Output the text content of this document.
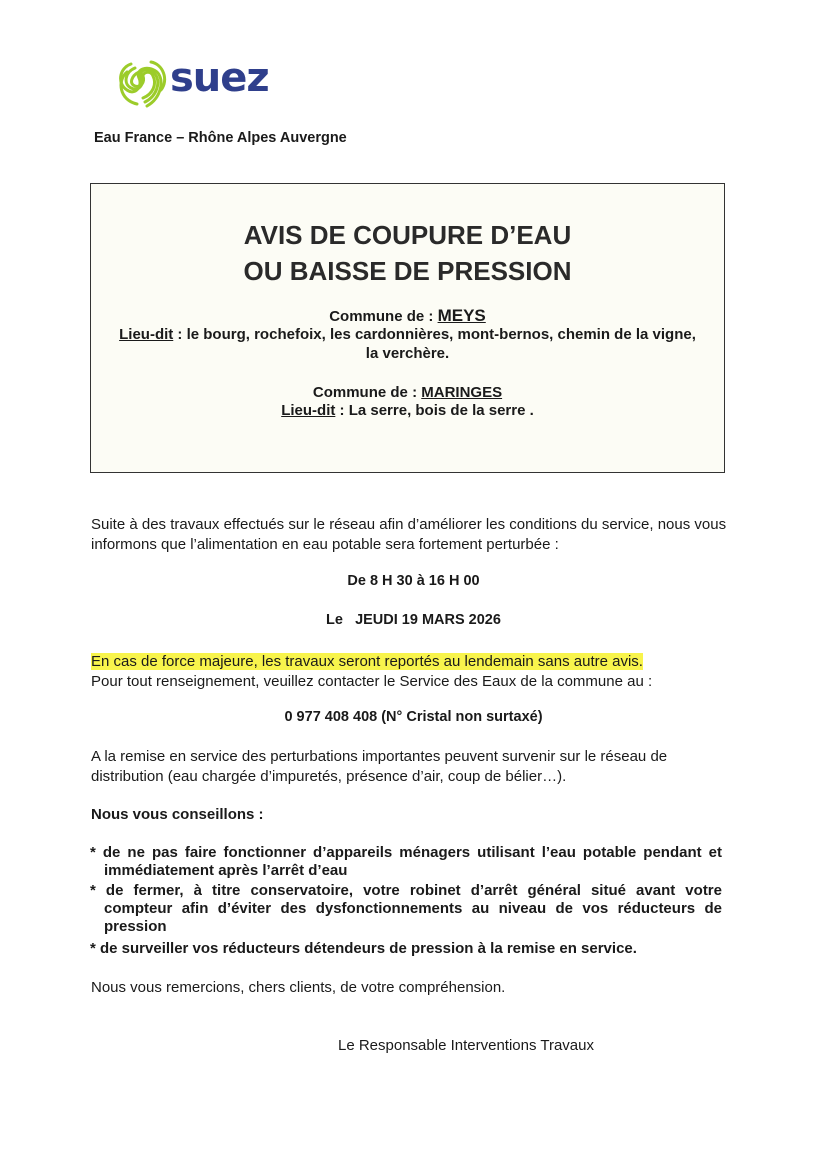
suez
Eau France – Rhône Alpes Auvergne
AVIS DE COUPURE D’EAU
OU BAISSE DE PRESSION
Commune de : MEYS
Lieu-dit : le bourg, rochefoix, les cardonnières, mont-bernos, chemin de la vigne, la verchère.
Commune de : MARINGES
Lieu-dit : La serre, bois de la serre .
Suite à des travaux effectués sur le réseau afin d’améliorer les conditions du service, nous vous informons que l’alimentation en eau potable sera fortement perturbée :
De 8 H 30 à 16 H 00
Le JEUDI 19 MARS 2026
En cas de force majeure, les travaux seront reportés au lendemain sans autre avis.
Pour tout renseignement, veuillez contacter le Service des Eaux de la commune au :
0 977 408 408 (N° Cristal non surtaxé)
A la remise en service des perturbations importantes peuvent survenir sur le réseau de distribution (eau chargée d’impuretés, présence d’air, coup de bélier…).
Nous vous conseillons :
* de ne pas faire fonctionner d’appareils ménagers utilisant l’eau potable pendant et immédiatement après l’arrêt d’eau
* de fermer, à titre conservatoire, votre robinet d’arrêt général situé avant votre compteur afin d’éviter des dysfonctionnements au niveau de vos réducteurs de pression
* de surveiller vos réducteurs détendeurs de pression à la remise en service.
Nous vous remercions, chers clients, de votre compréhension.
Le Responsable Interventions Travaux
